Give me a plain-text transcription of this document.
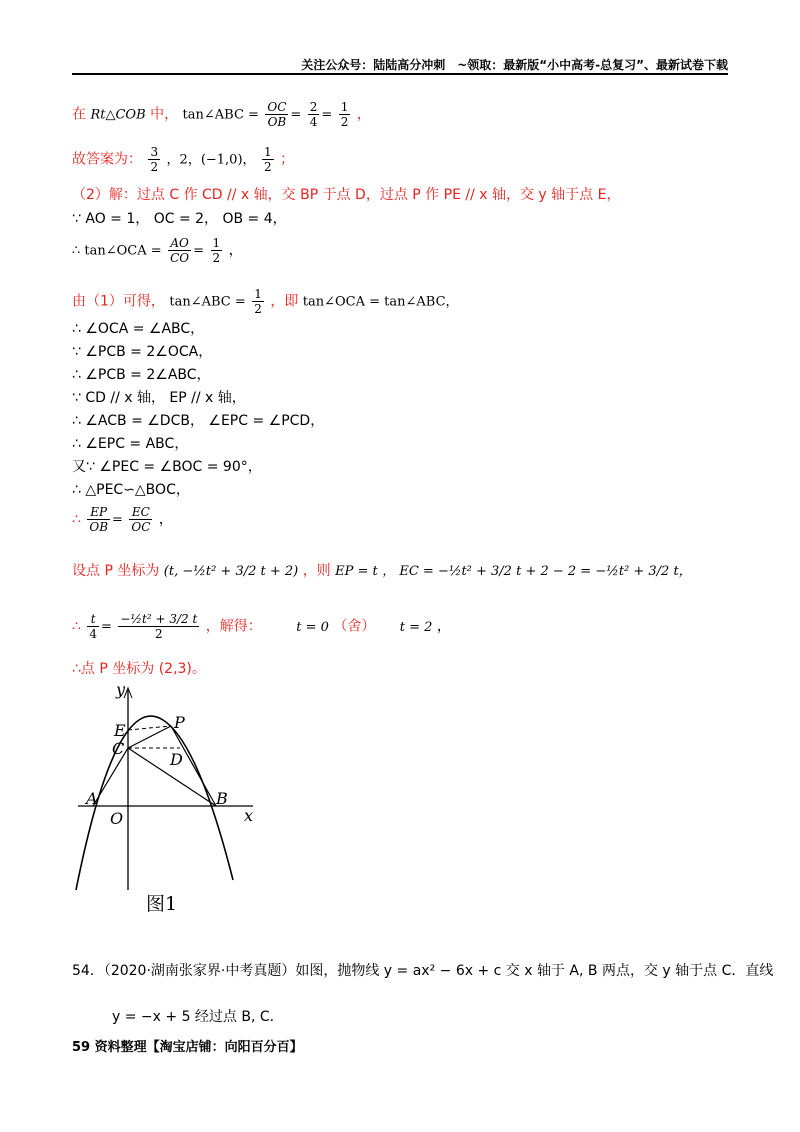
关注公众号：陆陆高分冲刺　~领取：最新版“小中高考-总复习”、最新试卷下载
在 Rt△COB 中， tan∠ABC = $\frac{OC}{OB} = \frac{2}{4} = \frac{1}{2}$ ，
故答案为： $\frac{3}{2}$ ，2，(−1,0)， $\frac{1}{2}$ ；
（2）解：过点 C 作 CD // x 轴，交 BP 于点 D，过点 P 作 PE // x 轴，交 y 轴于点 E，
∵ AO = 1， OC = 2， OB = 4，
∴ tan∠OCA = $\frac{AO}{CO} = \frac{1}{2}$ ，
由（1）可得， tan∠ABC = $\frac{1}{2}$ ，即 tan∠OCA = tan∠ABC，
∴ ∠OCA = ∠ABC，
∵ ∠PCB = 2∠OCA，
∴ ∠PCB = 2∠ABC，
∵ CD // x 轴， EP // x 轴，
∴ ∠ACB = ∠DCB， ∠EPC = ∠PCD，
∴ ∠EPC = ABC，
又∵ ∠PEC = ∠BOC = 90°，
∴ △PEC∽△BOC，
∴ $\frac{EP}{OB} = \frac{EC}{OC}$ ，
设点 P 坐标为 (t, −½t² + 3/2 t + 2) ，则 EP = t ， EC = −½t² + 3/2 t + 2 − 2 = −½t² + 3/2 t，
∴ $\frac{t}{4} = \frac{\text{−½t² + 3/2 t}}{2}$ ，解得：	t = 0 （舍） t = 2 ，
∴点 P 坐标为 (2,3)。
y
x
O
A	B
C
D
E	P
图1
54．（2020·湖南张家界·中考真题）如图，抛物线 y = ax² − 6x + c 交 x 轴于 A, B 两点，交 y 轴于点 C．直线
y = −x + 5 经过点 B, C．
59 资料整理【淘宝店铺：向阳百分百】
